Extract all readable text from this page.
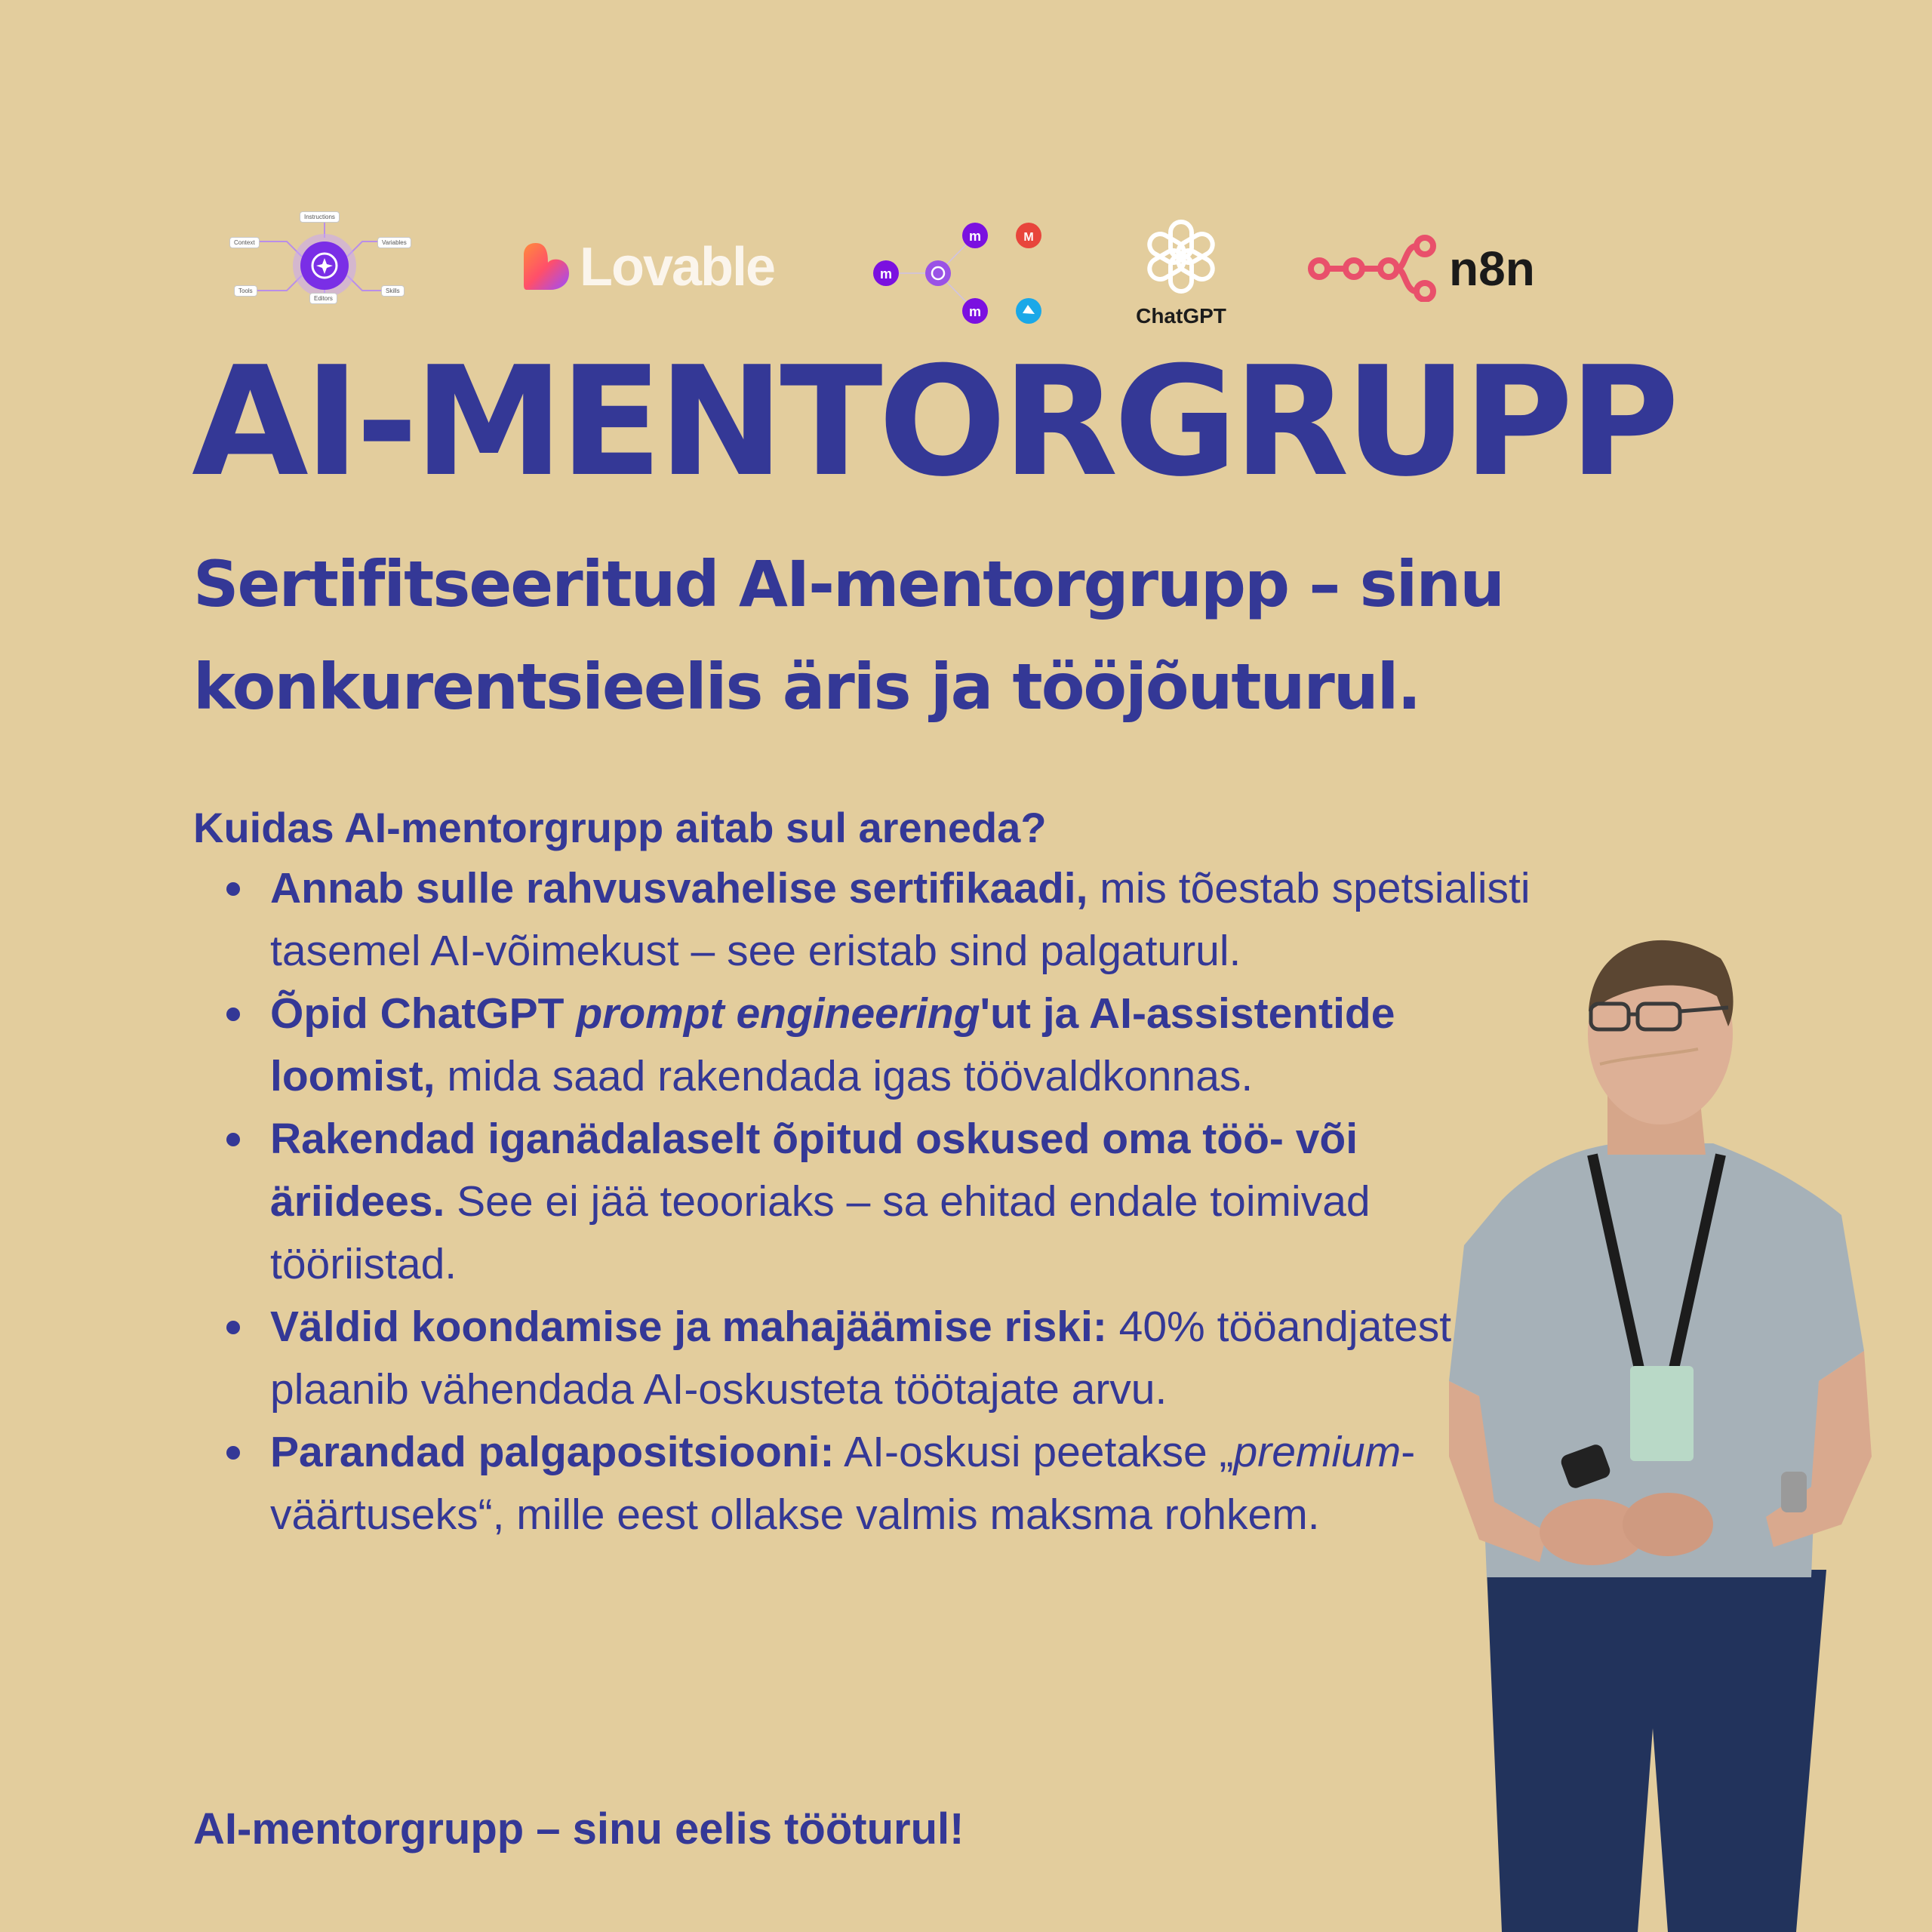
Instructions
Context	Variables
Tools	Skills
Editors
Lovable	m
m	M
m	ChatGPT
n8n
AI-MENTORGRUPP
Sertifitseeritud AI-mentorgrupp – sinu konkurentsieelis äris ja tööjõuturul.

Kuidas AI-mentorgrupp aitab sul areneda?

Annab sulle rahvusvahelise sertifikaadi, mis tõestab spetsialisti tasemel AI-võimekust – see eristab sind palgaturul.
Õpid ChatGPT prompt engineering'ut ja AI-assistentide loomist, mida saad rakendada igas töövaldkonnas.
Rakendad iganädalaselt õpitud oskused oma töö- või äriidees. See ei jää teooriaks – sa ehitad endale toimivad tööriistad.
Väldid koondamise ja mahajäämise riski: 40% tööandjatest plaanib vähendada AI-oskusteta töötajate arvu.
Parandad palgapositsiooni: AI-oskusi peetakse „premium-väärtuseks“, mille eest ollakse valmis maksma rohkem.

AI-mentorgrupp – sinu eelis tööturul!
